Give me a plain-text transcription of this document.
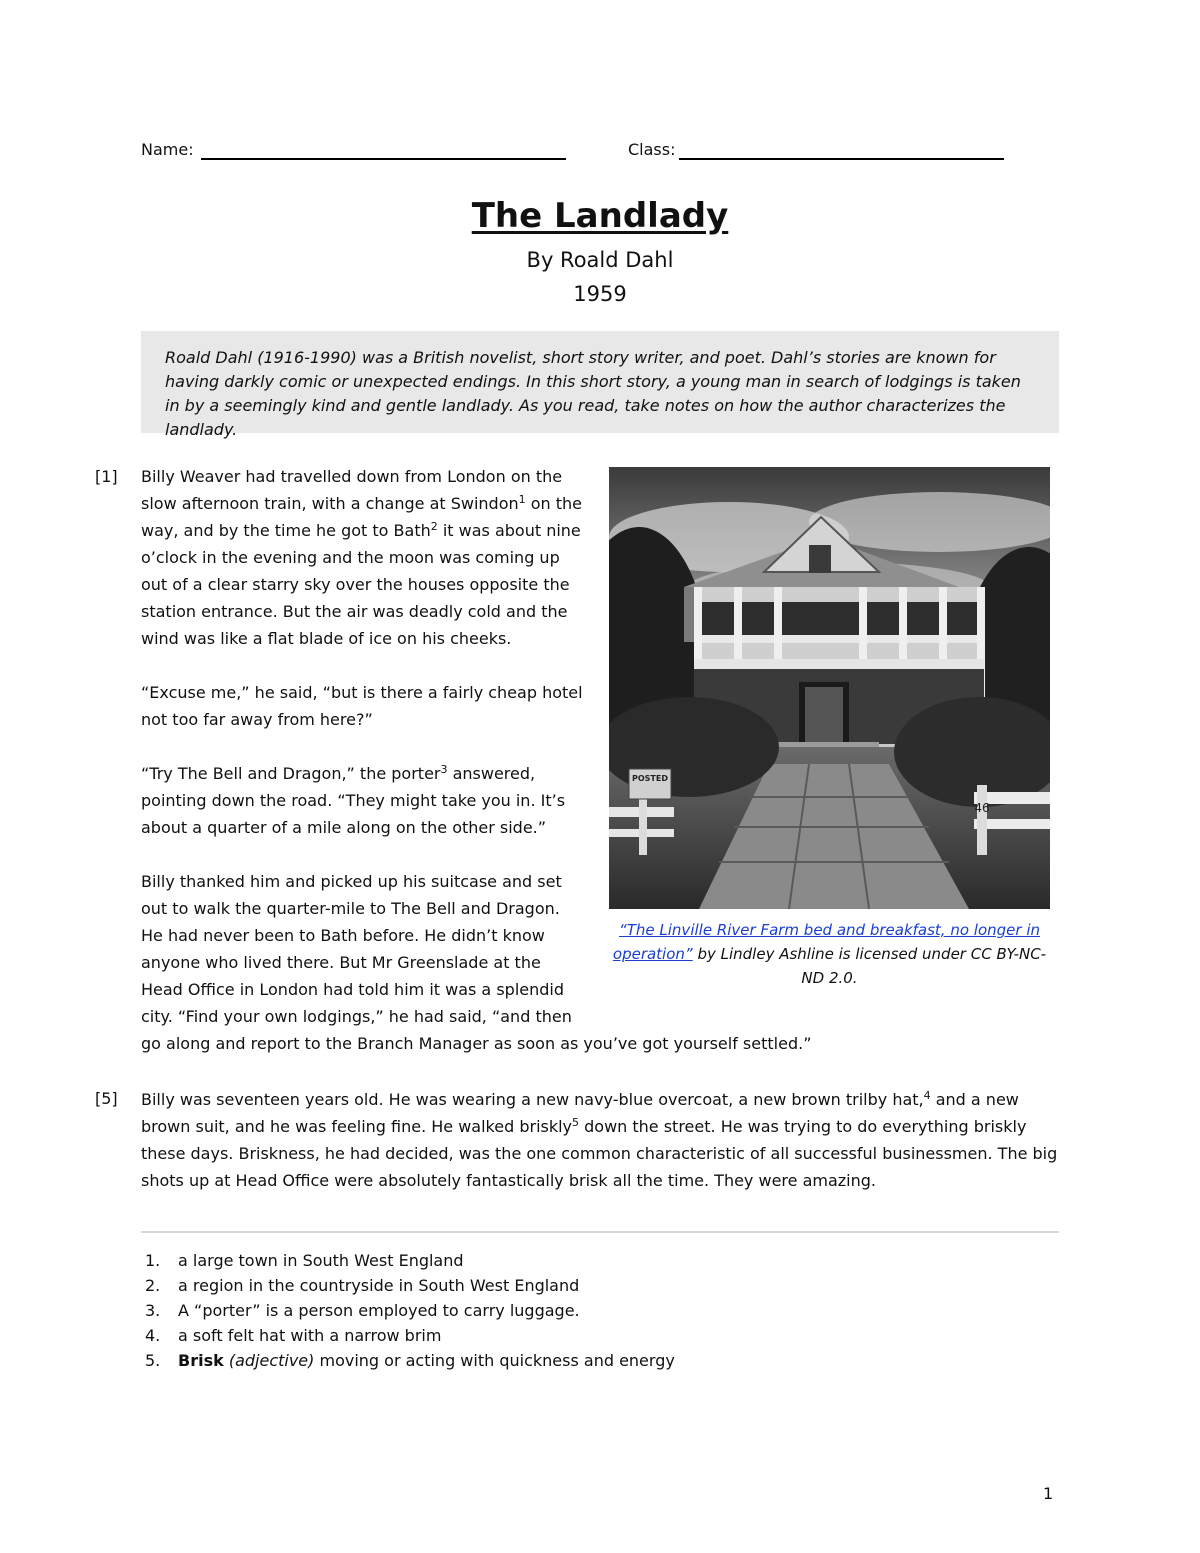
Name:	Class:
The Landlady
By Roald Dahl
1959

Roald Dahl (1916-1990) was a British novelist, short story writer, and poet. Dahl’s stories are known for having darkly comic or unexpected endings. In this short story, a young man in search of lodgings is taken in by a seemingly kind and gentle landlady. As you read, take notes on how the author characterizes the landlady.

[1] Billy Weaver had travelled down from London on the slow afternoon train, with a change at Swindon$^1$ on the way, and by the time he got to Bath$^2$ it was about nine o’clock in the evening and the moon was coming up out of a clear starry sky over the houses opposite the station entrance. But the air was deadly cold and the wind was like a flat blade of ice on his cheeks.

“Excuse me,” he said, “but is there a fairly cheap hotel not too far away from here?”

“Try The Bell and Dragon,” the porter$^3$ answered, pointing down the road. “They might take you in. It’s about a quarter of a mile along on the other side.”

Billy thanked him and picked up his suitcase and set out to walk the quarter-mile to The Bell and Dragon. He had never been to Bath before. He didn’t know anyone who lived there. But Mr Greenslade at the Head Office in London had told him it was a splendid city. “Find your own lodgings,” he had said, “and then

go along and report to the Branch Manager as soon as you’ve got yourself settled.”

POSTED
46
“The Linville River Farm bed and breakfast, no longer in operation” by Lindley Ashline is licensed under CC BY-NC-ND 2.0.
[5] Billy was seventeen years old. He was wearing a new navy-blue overcoat, a new brown trilby hat,$^4$ and a new brown suit, and he was feeling fine. He walked briskly$^5$ down the street. He was trying to do everything briskly these days. Briskness, he had decided, was the one common characteristic of all successful businessmen. The big shots up at Head Office were absolutely fantastically brisk all the time. They were amazing.

1.	a large town in South West England
2.	a region in the countryside in South West England
3.	A “porter” is a person employed to carry luggage.
4.	a soft felt hat with a narrow brim
5.	Brisk (adjective) moving or acting with quickness and energy
1
